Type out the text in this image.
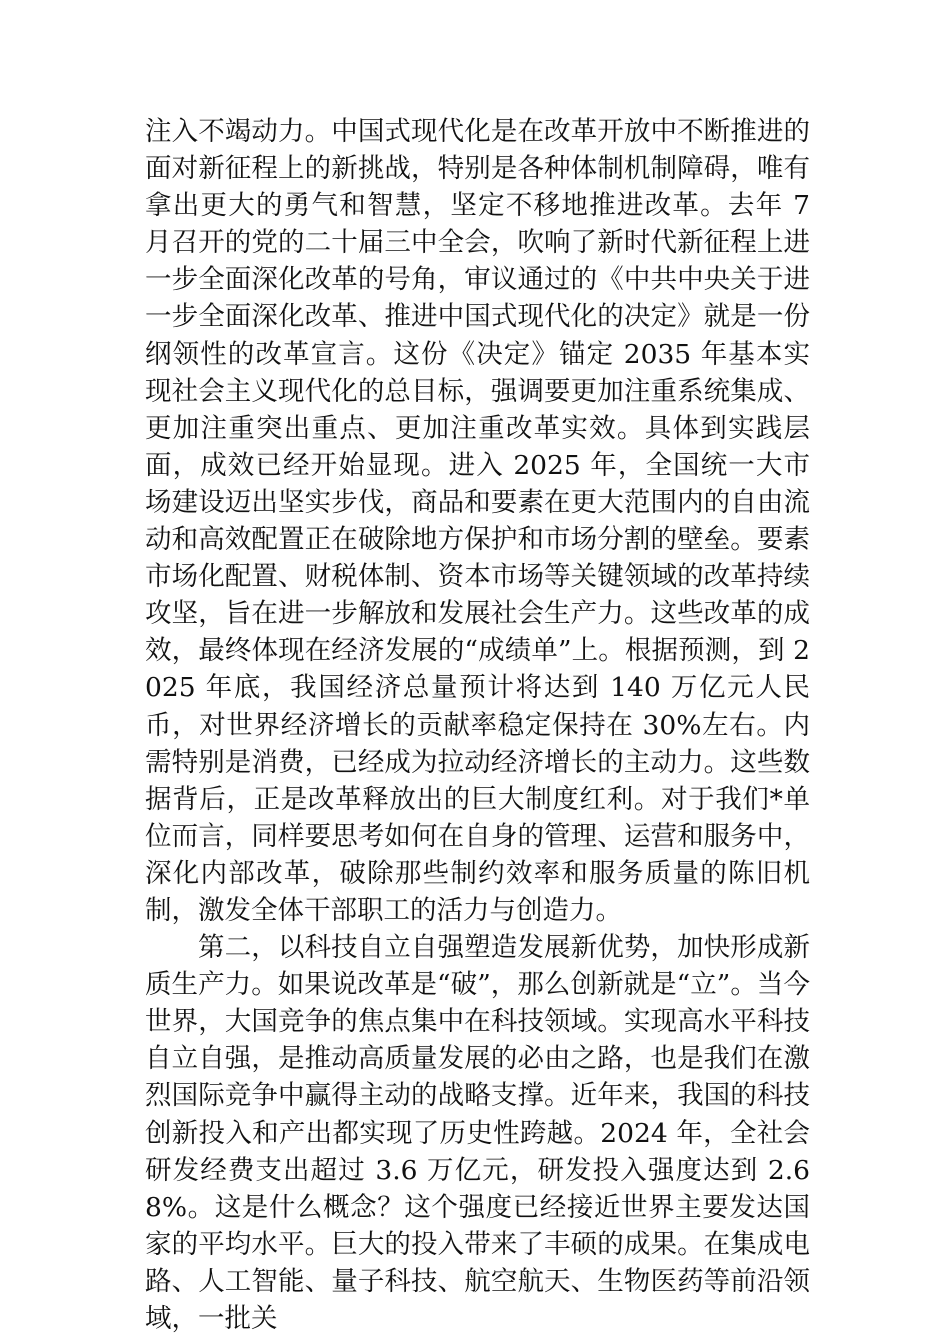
注入不竭动力。中国式现代化是在改革开放中不断推进的面对新征程上的新挑战，特别是各种体制机制障碍，唯有拿出更大的勇气和智慧，坚定不移地推进改革。去年 7 月召开的党的二十届三中全会，吹响了新时代新征程上进一步全面深化改革的号角，审议通过的《中共中央关于进一步全面深化改革、推进中国式现代化的决定》就是一份纲领性的改革宣言。这份《决定》锚定 2035 年基本实现社会主义现代化的总目标，强调要更加注重系统集成、更加注重突出重点、更加注重改革实效。具体到实践层面，成效已经开始显现。进入 2025 年，全国统一大市场建设迈出坚实步伐，商品和要素在更大范围内的自由流动和高效配置正在破除地方保护和市场分割的壁垒。要素市场化配置、财税体制、资本市场等关键领域的改革持续攻坚，旨在进一步解放和发展社会生产力。这些改革的成效，最终体现在经济发展的“成绩单”上。根据预测，到 2025 年底，我国经济总量预计将达到 140 万亿元人民币，对世界经济增长的贡献率稳定保持在 30%左右。内需特别是消费，已经成为拉动经济增长的主动力。这些数据背后，正是改革释放出的巨大制度红利。对于我们*单位而言，同样要思考如何在自身的管理、运营和服务中，深化内部改革，破除那些制约效率和服务质量的陈旧机制，激发全体干部职工的活力与创造力。

第二，以科技自立自强塑造发展新优势，加快形成新质生产力。如果说改革是“破”，那么创新就是“立”。当今世界，大国竞争的焦点集中在科技领域。实现高水平科技自立自强，是推动高质量发展的必由之路，也是我们在激烈国际竞争中赢得主动的战略支撑。近年来，我国的科技创新投入和产出都实现了历史性跨越。2024 年，全社会研发经费支出超过 3.6 万亿元，研发投入强度达到 2.68%。这是什么概念？这个强度已经接近世界主要发达国家的平均水平。巨大的投入带来了丰硕的成果。在集成电路、人工智能、量子科技、航空航天、生物医药等前沿领域，一批关
